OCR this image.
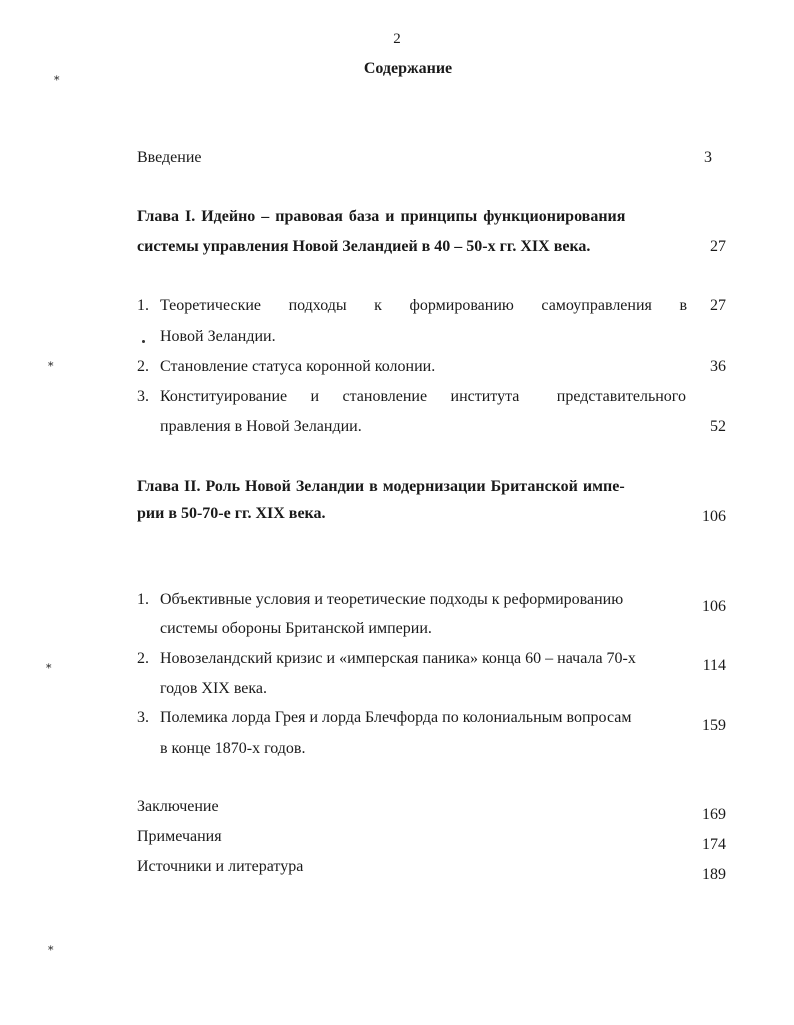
2
Содержание
⁎
⁎
⁎
⁎
Введение	3
Глава I. Идейно – правовая база и принципы функционирования
системы управления Новой Зеландией в 40 – 50-х гг. XIX века.	27
1. Теоретические подходы к формированию самоуправления в	27
Новой Зеландии.
2. Становление статуса коронной колонии.	36
3. Конституирование и становление института представительного
правления в Новой Зеландии.	52
Глава II. Роль Новой Зеландии в модернизации Британской импе-
рии в 50-70-е гг. XIX века.	106
1. Объективные условия и теоретические подходы к реформированию	106
системы обороны Британской империи.
2. Новозеландский кризис и «имперская паника» конца 60 – начала 70-х	114
годов XIX века.
3. Полемика лорда Грея и лорда Блечфорда по колониальным вопросам	159
в конце 1870-х годов.
Заключение	169
Примечания	174
Источники и литература	189
